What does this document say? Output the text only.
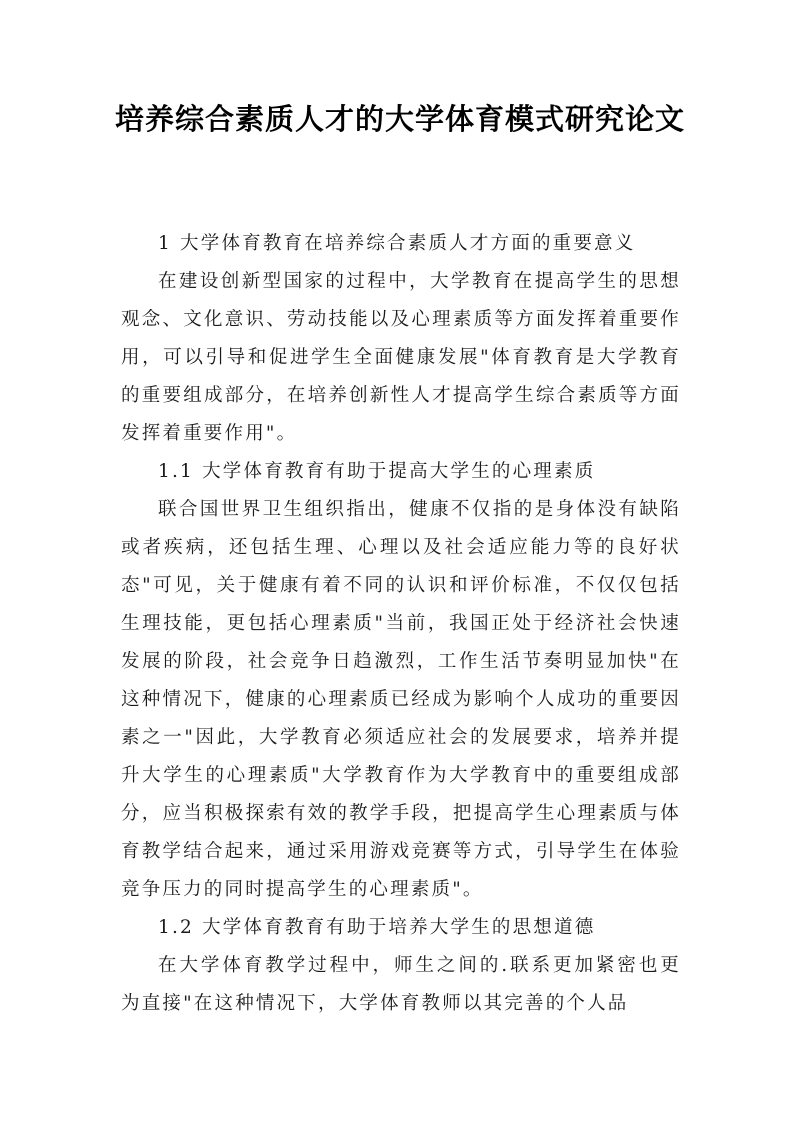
培养综合素质人才的大学体育模式研究论文

1 大学体育教育在培养综合素质人才方面的重要意义

在建设创新型国家的过程中，大学教育在提高学生的思想观念、文化意识、劳动技能以及心理素质等方面发挥着重要作用，可以引导和促进学生全面健康发展"体育教育是大学教育的重要组成部分，在培养创新性人才提高学生综合素质等方面发挥着重要作用"。

1.1 大学体育教育有助于提高大学生的心理素质

联合国世界卫生组织指出，健康不仅指的是身体没有缺陷或者疾病，还包括生理、心理以及社会适应能力等的良好状态"可见，关于健康有着不同的认识和评价标准，不仅仅包括生理技能，更包括心理素质"当前，我国正处于经济社会快速发展的阶段，社会竞争日趋激烈，工作生活节奏明显加快"在这种情况下，健康的心理素质已经成为影响个人成功的重要因素之一"因此，大学教育必须适应社会的发展要求，培养并提升大学生的心理素质"大学教育作为大学教育中的重要组成部分，应当积极探索有效的教学手段，把提高学生心理素质与体育教学结合起来，通过采用游戏竞赛等方式，引导学生在体验竞争压力的同时提高学生的心理素质"。

1.2 大学体育教育有助于培养大学生的思想道德

在大学体育教学过程中，师生之间的.联系更加紧密也更为直接"在这种情况下，大学体育教师以其完善的个人品
